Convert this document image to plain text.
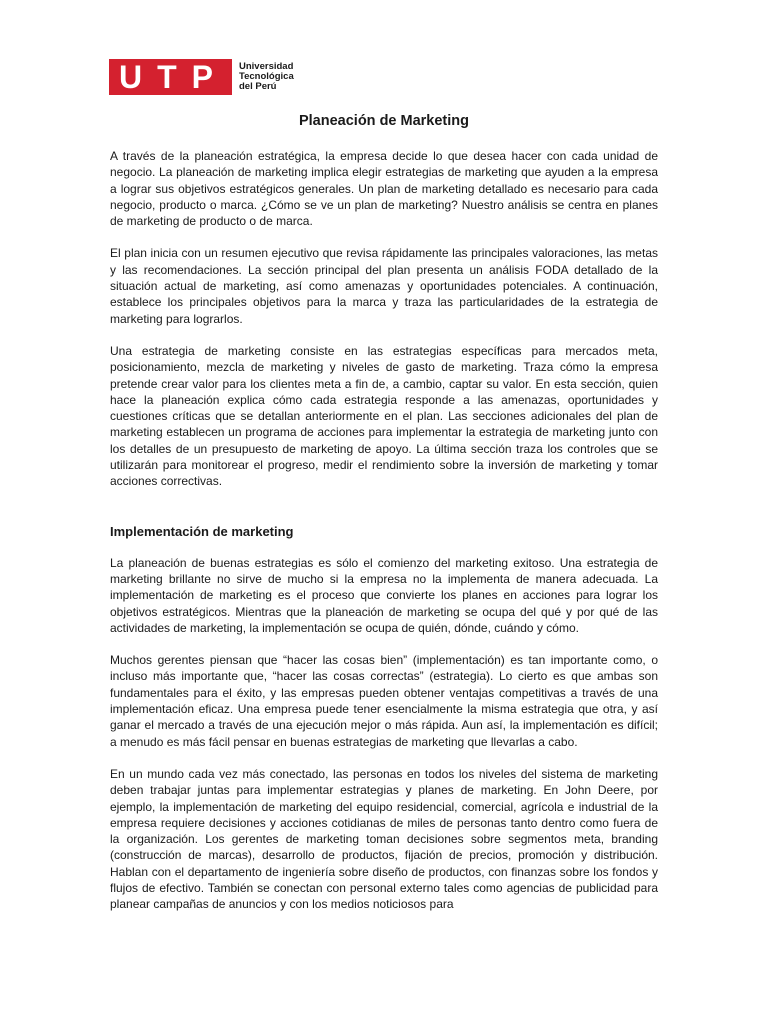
U T P Universidad
Tecnológica
del Perú
Planeación de Marketing

A través de la planeación estratégica, la empresa decide lo que desea hacer con cada unidad de negocio. La planeación de marketing implica elegir estrategias de marketing que ayuden a la empresa a lograr sus objetivos estratégicos generales. Un plan de marketing detallado es necesario para cada negocio, producto o marca. ¿Cómo se ve un plan de marketing? Nuestro análisis se centra en planes de marketing de producto o de marca.

El plan inicia con un resumen ejecutivo que revisa rápidamente las principales valoraciones, las metas y las recomendaciones. La sección principal del plan presenta un análisis FODA detallado de la situación actual de marketing, así como amenazas y oportunidades potenciales. A continuación, establece los principales objetivos para la marca y traza las particularidades de la estrategia de marketing para lograrlos.

Una estrategia de marketing consiste en las estrategias específicas para mercados meta, posicionamiento, mezcla de marketing y niveles de gasto de marketing. Traza cómo la empresa pretende crear valor para los clientes meta a fin de, a cambio, captar su valor. En esta sección, quien hace la planeación explica cómo cada estrategia responde a las amenazas, oportunidades y cuestiones críticas que se detallan anteriormente en el plan. Las secciones adicionales del plan de marketing establecen un programa de acciones para implementar la estrategia de marketing junto con los detalles de un presupuesto de marketing de apoyo. La última sección traza los controles que se utilizarán para monitorear el progreso, medir el rendimiento sobre la inversión de marketing y tomar acciones correctivas.

Implementación de marketing

La planeación de buenas estrategias es sólo el comienzo del marketing exitoso. Una estrategia de marketing brillante no sirve de mucho si la empresa no la implementa de manera adecuada. La implementación de marketing es el proceso que convierte los planes en acciones para lograr los objetivos estratégicos. Mientras que la planeación de marketing se ocupa del qué y por qué de las actividades de marketing, la implementación se ocupa de quién, dónde, cuándo y cómo.

Muchos gerentes piensan que “hacer las cosas bien” (implementación) es tan importante como, o incluso más importante que, “hacer las cosas correctas” (estrategia). Lo cierto es que ambas son fundamentales para el éxito, y las empresas pueden obtener ventajas competitivas a través de una implementación eficaz. Una empresa puede tener esencialmente la misma estrategia que otra, y así ganar el mercado a través de una ejecución mejor o más rápida. Aun así, la implementación es difícil; a menudo es más fácil pensar en buenas estrategias de marketing que llevarlas a cabo.

En un mundo cada vez más conectado, las personas en todos los niveles del sistema de marketing deben trabajar juntas para implementar estrategias y planes de marketing. En John Deere, por ejemplo, la implementación de marketing del equipo residencial, comercial, agrícola e industrial de la empresa requiere decisiones y acciones cotidianas de miles de personas tanto dentro como fuera de la organización. Los gerentes de marketing toman decisiones sobre segmentos meta, branding (construcción de marcas), desarrollo de productos, fijación de precios, promoción y distribución. Hablan con el departamento de ingeniería sobre diseño de productos, con finanzas sobre los fondos y flujos de efectivo. También se conectan con personal externo tales como agencias de publicidad para planear campañas de anuncios y con los medios noticiosos para
